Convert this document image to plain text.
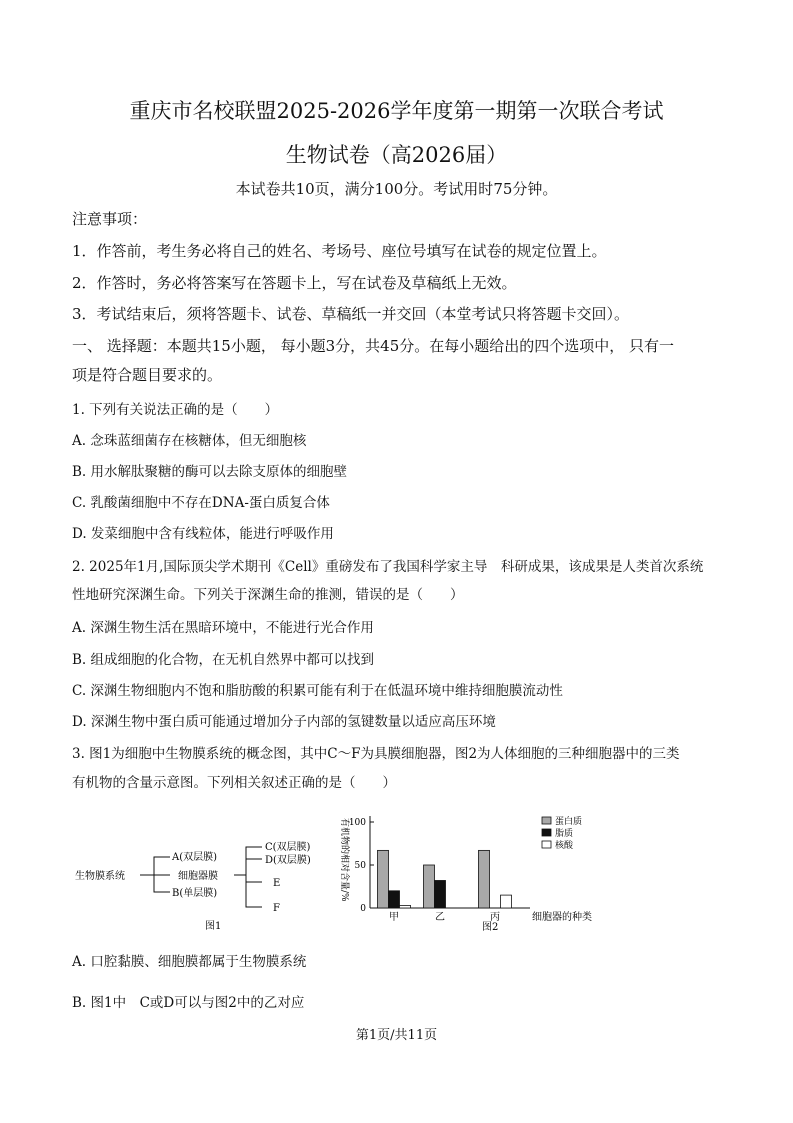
重庆市名校联盟2025-2026学年度第一期第一次联合考试
生物试卷（高2026届）
本试卷共10页，满分100分。考试用时75分钟。
注意事项：
1．作答前，考生务必将自己的姓名、考场号、座位号填写在试卷的规定位置上。
2．作答时，务必将答案写在答题卡上，写在试卷及草稿纸上无效。
3．考试结束后，须将答题卡、试卷、草稿纸一并交回（本堂考试只将答题卡交回）。
一、 选择题：本题共15小题， 每小题3分，共45分。在每小题给出的四个选项中， 只有一
项是符合题目要求的。
1. 下列有关说法正确的是（　　）
A. 念珠蓝细菌存在核糖体，但无细胞核
B. 用水解肽聚糖的酶可以去除支原体的细胞壁
C. 乳酸菌细胞中不存在DNA-蛋白质复合体
D. 发菜细胞中含有线粒体，能进行呼吸作用
2. 2025年1月,国际顶尖学术期刊《Cell》重磅发布了我国科学家主导　科研成果，该成果是人类首次系统
性地研究深渊生命。下列关于深渊生命的推测，错误的是（　　）
A. 深渊生物生活在黑暗环境中，不能进行光合作用
B. 组成细胞的化合物，在无机自然界中都可以找到
C. 深渊生物细胞内不饱和脂肪酸的积累可能有利于在低温环境中维持细胞膜流动性
D. 深渊生物中蛋白质可能通过增加分子内部的氢键数量以适应高压环境
3. 图1为细胞中生物膜系统的概念图，其中C～F为具膜细胞器，图2为人体细胞的三种细胞器中的三类
有机物的含量示意图。下列相关叙述正确的是（　　）
生物膜系统
A(双层膜)
细胞器膜
B(单层膜)
C(双层膜)
D(双层膜)
E
F
图1
100
50
0
甲	乙	丙
蛋白质
脂质
核酸
有机物的相对含量/%
细胞器的种类
图2
A. 口腔黏膜、细胞膜都属于生物膜系统
B. 图1中　C或D可以与图2中的乙对应
第1页/共11页
